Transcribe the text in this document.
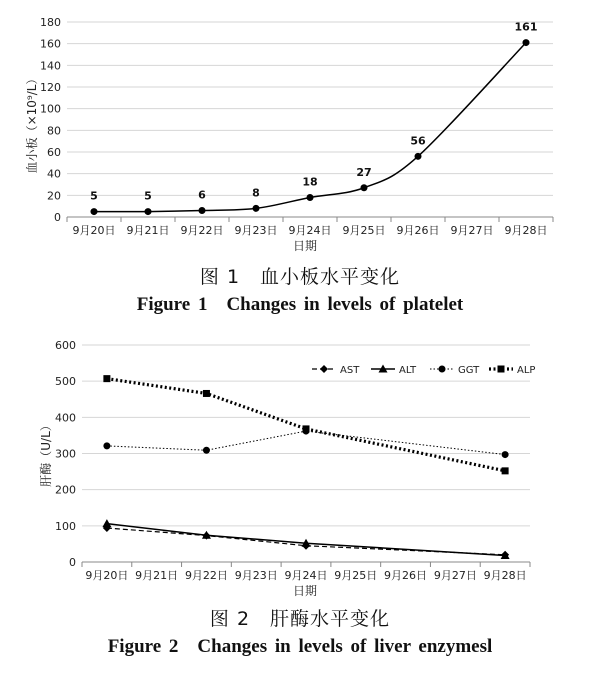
0
20
40
60
80
100
120
140
160
180
9月20日 9月21日 9月22日 9月23日 9月24日 9月25日 9月26日 9月27日 9月28日
5	5	6	8
18
27
56
161
血小板（×10⁹/L）
日期
图 1　血小板水平变化
Figure 1　Changes in levels of platelet
0
100
200
300
400
500
600
9月20日 9月21日 9月22日 9月23日 9月24日 9月25日 9月26日 9月27日 9月28日
AST	ALT	GGT	ALP
肝酶（U/L）
日期
图 2　肝酶水平变化
Figure 2　Changes in levels of liver enzymesl
